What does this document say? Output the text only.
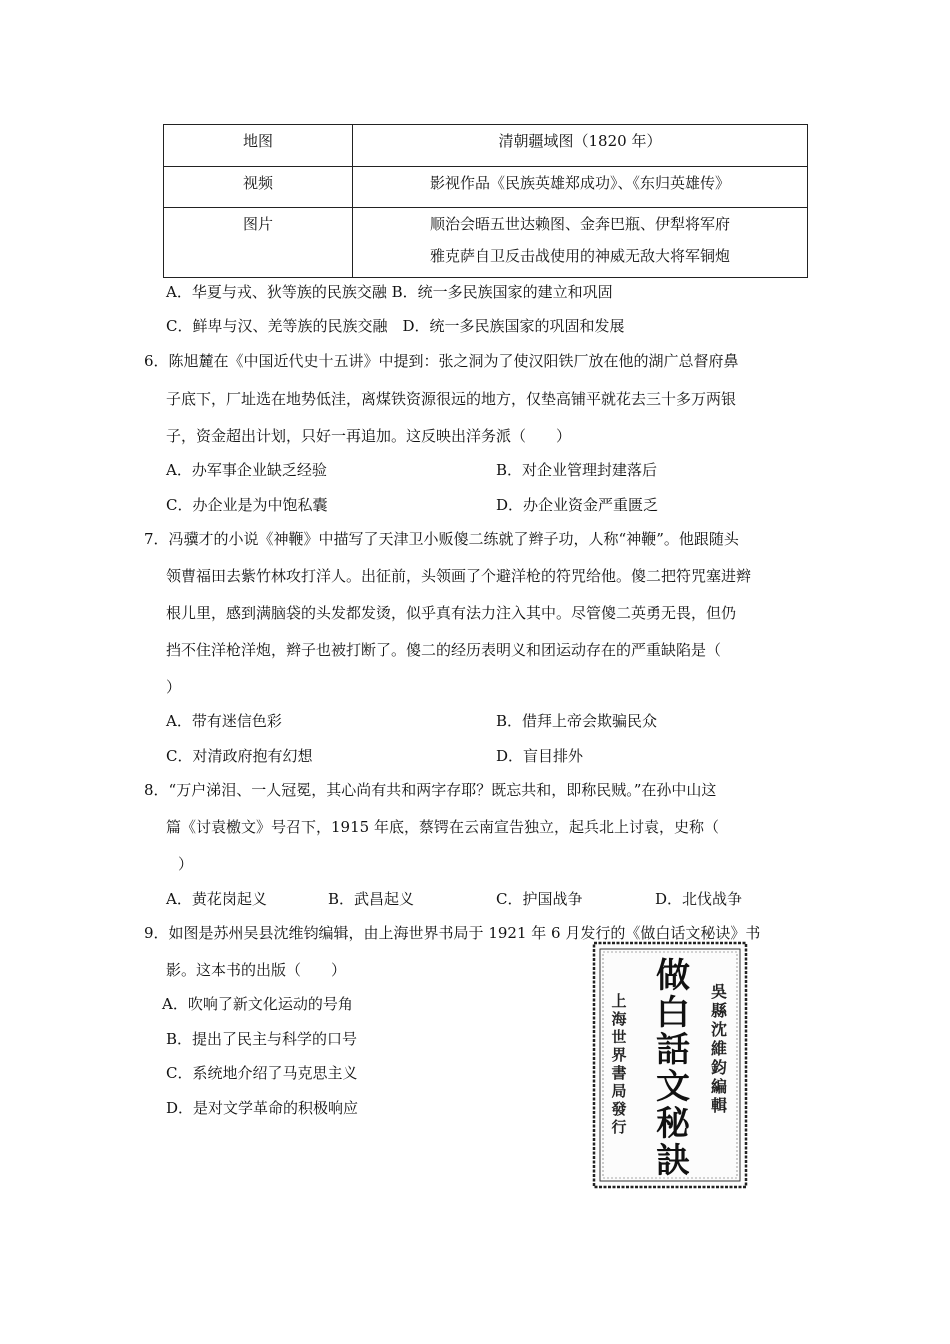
地图	清朝疆域图（1820 年）
视频	影视作品《民族英雄郑成功》、《东归英雄传》
图片	顺治会晤五世达赖图、金奔巴瓶、伊犁将军府
雅克萨自卫反击战使用的神威无敌大将军铜炮
A．华夏与戎、狄等族的民族交融 B．统一多民族国家的建立和巩固
C．鲜卑与汉、羌等族的民族交融　D．统一多民族国家的巩固和发展
6．陈旭麓在《中国近代史十五讲》中提到：张之洞为了使汉阳铁厂放在他的湖广总督府鼻
子底下，厂址选在地势低洼，离煤铁资源很远的地方，仅垫高铺平就花去三十多万两银
子，资金超出计划，只好一再追加。这反映出洋务派（　　）
A．办军事企业缺乏经验	B．对企业管理封建落后
C．办企业是为中饱私囊	D．办企业资金严重匮乏
7．冯骥才的小说《神鞭》中描写了天津卫小贩傻二练就了辫子功，人称“神鞭”。他跟随头
领曹福田去紫竹林攻打洋人。出征前，头领画了个避洋枪的符咒给他。傻二把符咒塞进辫
根儿里，感到满脑袋的头发都发烫，似乎真有法力注入其中。尽管傻二英勇无畏，但仍
挡不住洋枪洋炮，辫子也被打断了。傻二的经历表明义和团运动存在的严重缺陷是（
）
A．带有迷信色彩	B．借拜上帝会欺骗民众
C．对清政府抱有幻想	D．盲目排外
8．“万户涕泪、一人冠冕，其心尚有共和两字存耶？既忘共和，即称民贼。”在孙中山这
篇《讨袁檄文》号召下，1915 年底，蔡锷在云南宣告独立，起兵北上讨袁，史称（
）
A．黄花岗起义	B．武昌起义	C．护国战争	D．北伐战争
9．如图是苏州吴县沈维钧编辑，由上海世界书局于 1921 年 6 月发行的《做白话文秘诀》书
影。这本书的出版（　　）
A．吹响了新文化运动的号角
B．提出了民主与科学的口号
C．系统地介绍了马克思主义
D．是对文学革命的积极响应
做
白
話
文
秘
訣
吳
縣
沈
維
鈞
編
輯
上
海
世
界
書
局
發
行
